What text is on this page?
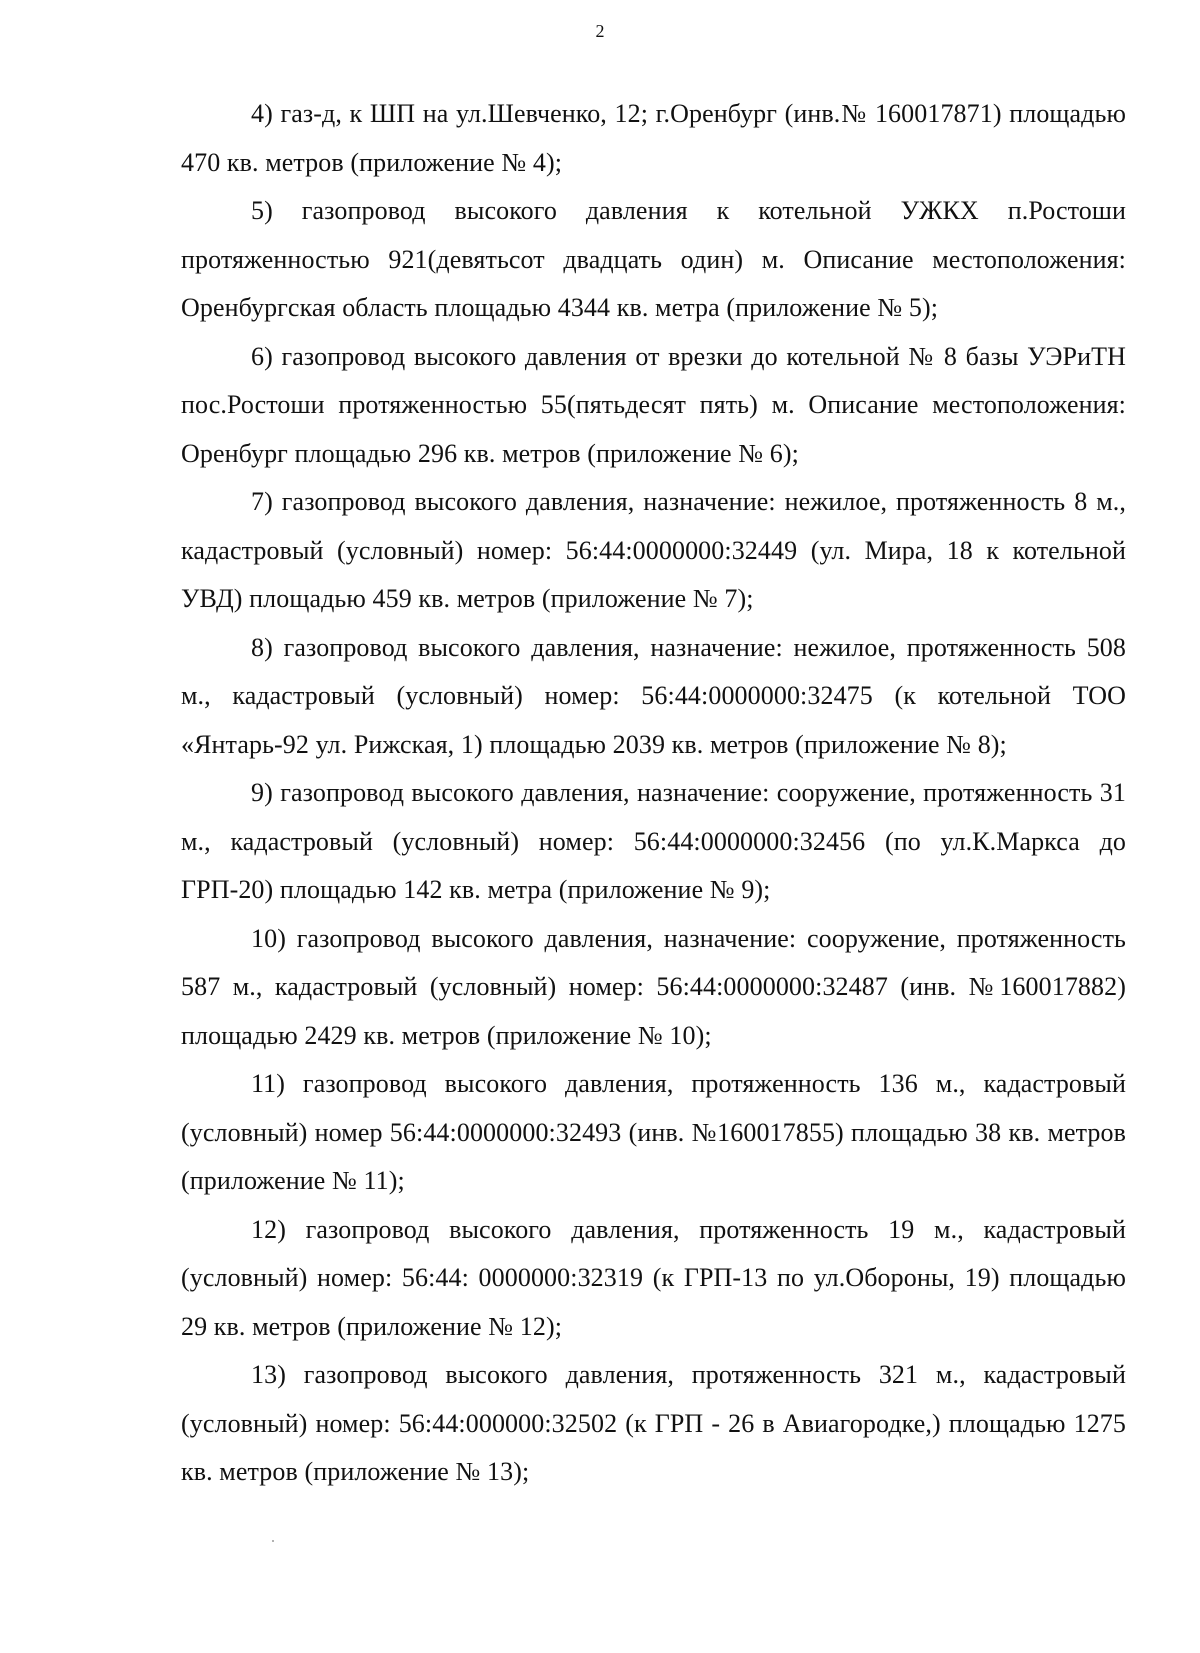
2

4) газ-д, к ШП на ул.Шевченко, 12; г.Оренбург (инв.№ 160017871) площадью 470 кв. метров (приложение № 4);

5) газопровод высокого давления к котельной УЖКХ п.Ростоши протяженностью 921(девятьсот двадцать один) м. Описание местоположения: Оренбургская область площадью 4344 кв. метра (приложение № 5);

6) газопровод высокого давления от врезки до котельной № 8 базы УЭРиТН пос.Ростоши протяженностью 55(пятьдесят пять) м. Описание местоположения: Оренбург площадью 296 кв. метров (приложение № 6);

7) газопровод высокого давления, назначение: нежилое, протяженность 8 м., кадастровый (условный) номер: 56:44:0000000:32449 (ул. Мира, 18 к котельной УВД) площадью 459 кв. метров (приложение № 7);

8) газопровод высокого давления, назначение: нежилое, протяженность 508 м., кадастровый (условный) номер: 56:44:0000000:32475 (к котельной ТОО «Янтарь-92 ул. Рижская, 1) площадью 2039 кв. метров (приложение № 8);

9) газопровод высокого давления, назначение: сооружение, протяженность 31 м., кадастровый (условный) номер: 56:44:0000000:32456 (по ул.К.Маркса до ГРП-20) площадью 142 кв. метра (приложение № 9);

10) газопровод высокого давления, назначение: сооружение, протяженность 587 м., кадастровый (условный) номер: 56:44:0000000:32487 (инв. №160017882) площадью 2429 кв. метров (приложение № 10);

11) газопровод высокого давления, протяженность 136 м., кадастровый (условный) номер 56:44:0000000:32493 (инв. №160017855) площадью 38 кв. метров (приложение № 11);

12) газопровод высокого давления, протяженность 19 м., кадастровый (условный) номер: 56:44: 0000000:32319 (к ГРП-13 по ул.Обороны, 19) площадью 29 кв. метров (приложение № 12);

13) газопровод высокого давления, протяженность 321 м., кадастровый (условный) номер: 56:44:000000:32502 (к ГРП - 26 в Авиагородке,) площадью 1275 кв. метров (приложение № 13);
